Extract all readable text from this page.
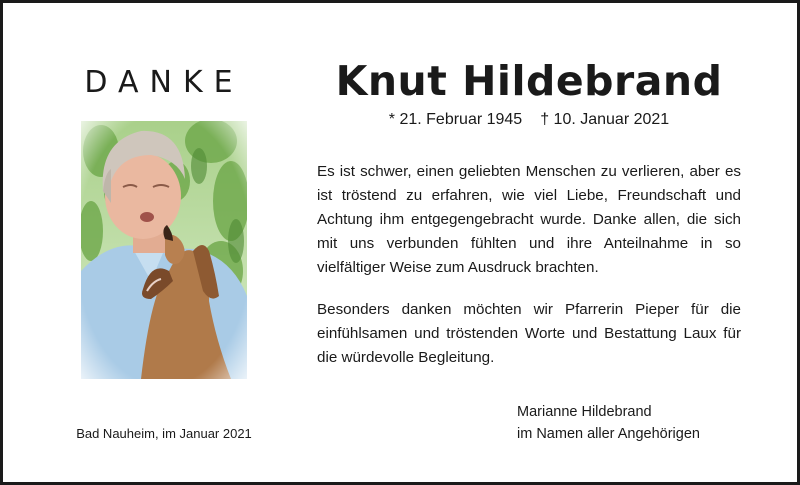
DANKE
Bad Nauheim, im Januar 2021
Knut Hildebrand
* 21. Februar 1945 † 10. Januar 2021

Es ist schwer, einen geliebten Menschen zu verlieren, aber es ist tröstend zu erfahren, wie viel Liebe, Freundschaft und Achtung ihm entgegengebracht wurde. Danke allen, die sich mit uns verbunden fühlten und ihre Anteilnahme in so vielfältiger Weise zum Ausdruck brachten.

Besonders danken möchten wir Pfarrerin Pieper für die einfühlsamen und tröstenden Worte und Bestattung Laux für die würdevolle Begleitung.

Marianne Hildebrand
im Namen aller Angehörigen
